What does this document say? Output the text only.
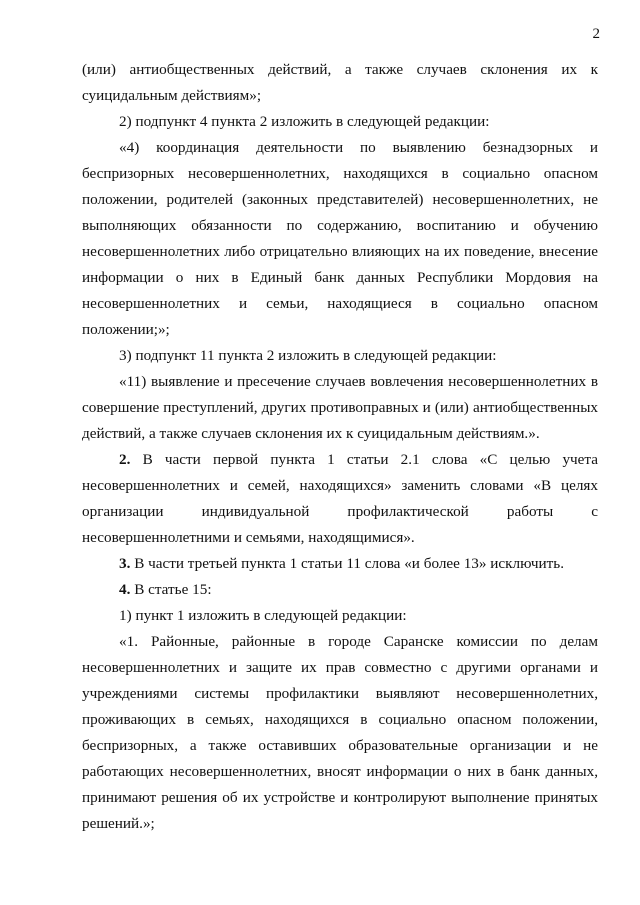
2

(или) антиобщественных действий, а также случаев склонения их к суицидальным действиям»;

2) подпункт 4 пункта 2 изложить в следующей редакции:

«4) координация деятельности по выявлению безнадзорных и беспризорных несовершеннолетних, находящихся в социально опасном положении, родителей (законных представителей) несовершеннолетних, не выполняющих обязанности по содержанию, воспитанию и обучению несовершеннолетних либо отрицательно влияющих на их поведение, внесение информации о них в Единый банк данных Республики Мордовия на несовершеннолетних и семьи, находящиеся в социально опасном положении;»;

3) подпункт 11 пункта 2 изложить в следующей редакции:

«11) выявление и пресечение случаев вовлечения несовершеннолетних в совершение преступлений, других противоправных и (или) антиобщественных действий, а также случаев склонения их к суицидальным действиям.».

2. В части первой пункта 1 статьи 2.1 слова «С целью учета несовершеннолетних и семей, находящихся» заменить словами «В целях организации индивидуальной профилактической работы с несовершеннолетними и семьями, находящимися».

3. В части третьей пункта 1 статьи 11 слова «и более 13» исключить.

4. В статье 15:

1) пункт 1 изложить в следующей редакции:

«1. Районные, районные в городе Саранске комиссии по делам несовершеннолетних и защите их прав совместно с другими органами и учреждениями системы профилактики выявляют несовершеннолетних, проживающих в семьях, находящихся в социально опасном положении, беспризорных, а также оставивших образовательные организации и не работающих несовершеннолетних, вносят информации о них в банк данных, принимают решения об их устройстве и контролируют выполнение принятых решений.»;
